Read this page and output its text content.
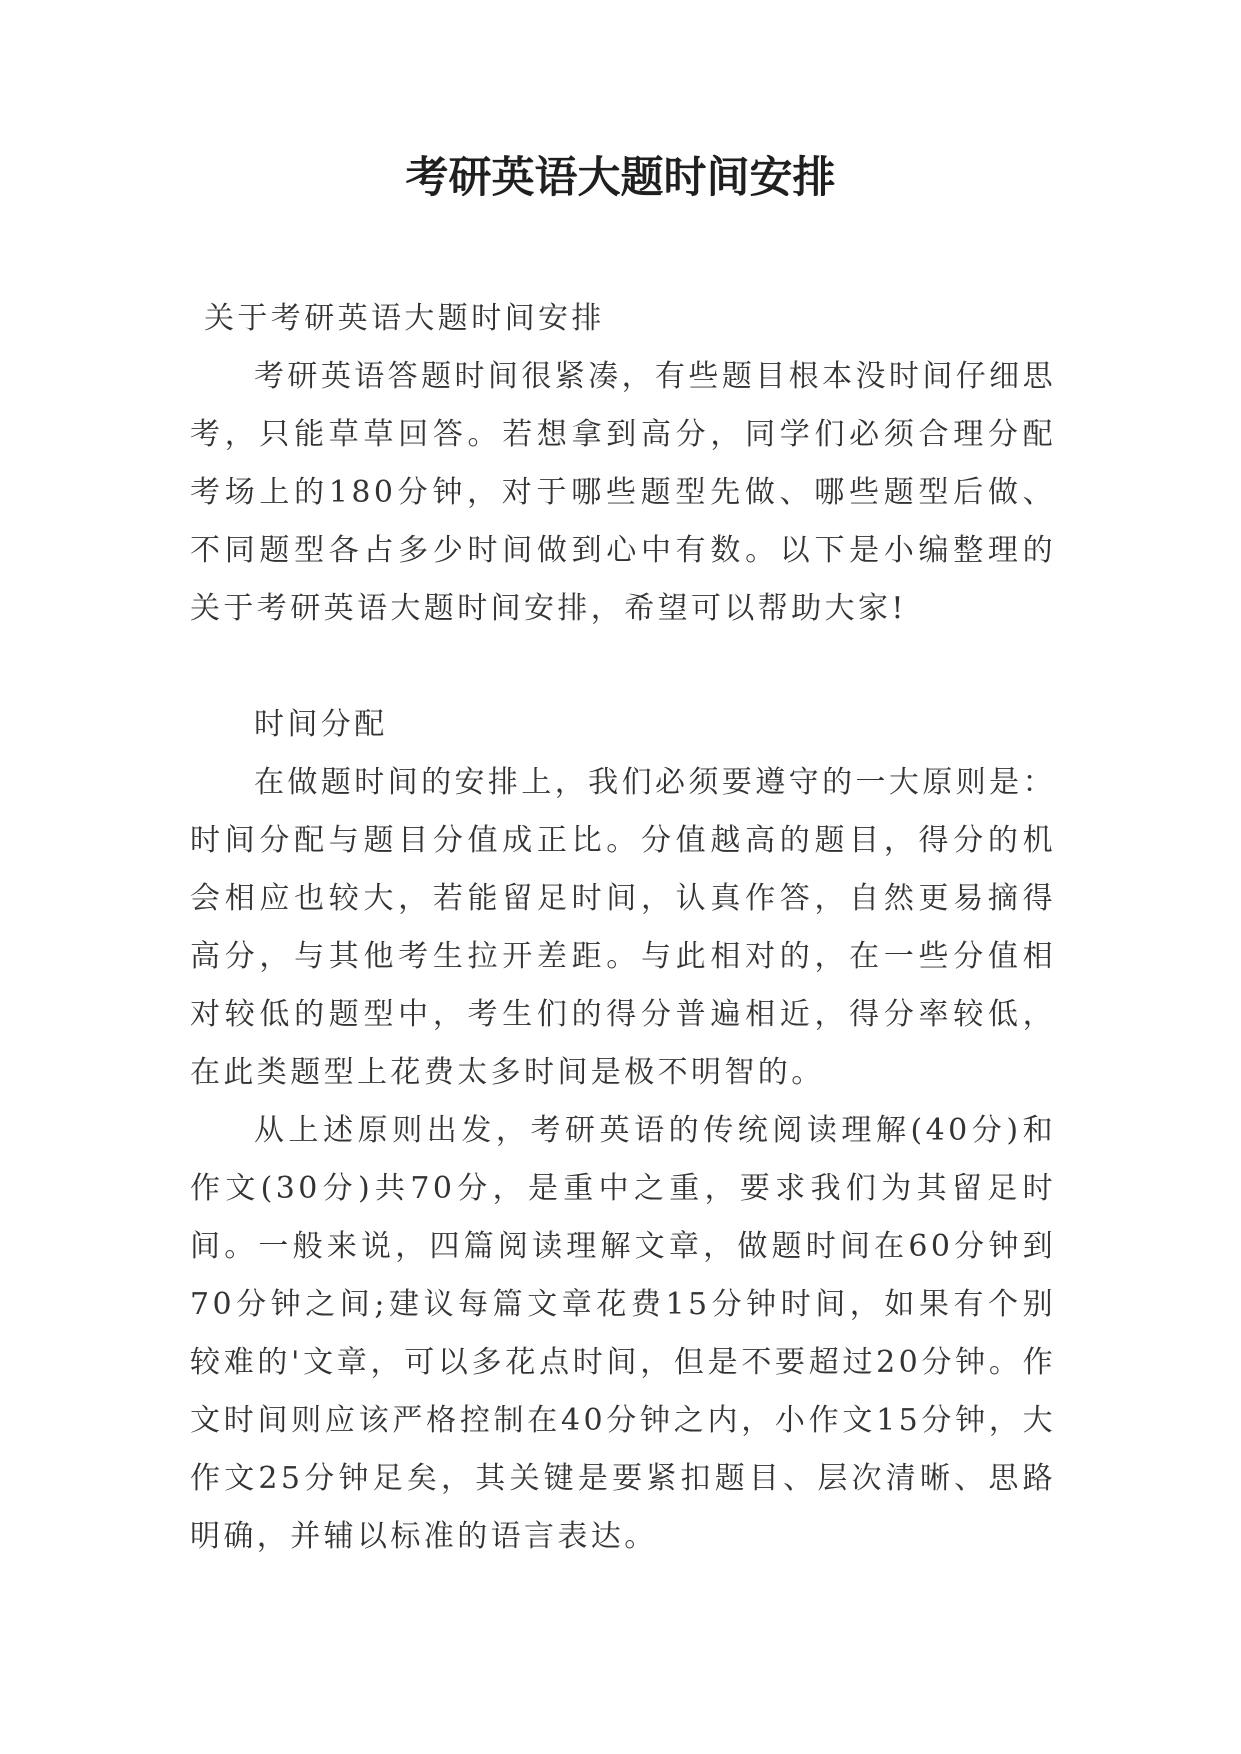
考研英语大题时间安排

关于考研英语大题时间安排

考研英语答题时间很紧凑，有些题目根本没时间仔细思考，只能草草回答。若想拿到高分，同学们必须合理分配考场上的180分钟，对于哪些题型先做、哪些题型后做、不同题型各占多少时间做到心中有数。以下是小编整理的关于考研英语大题时间安排，希望可以帮助大家!

时间分配

在做题时间的安排上，我们必须要遵守的一大原则是：时间分配与题目分值成正比。分值越高的题目，得分的机会相应也较大，若能留足时间，认真作答，自然更易摘得高分，与其他考生拉开差距。与此相对的，在一些分值相对较低的题型中，考生们的得分普遍相近，得分率较低，在此类题型上花费太多时间是极不明智的。

从上述原则出发，考研英语的传统阅读理解(40分)和作文(30分)共70分，是重中之重，要求我们为其留足时间。一般来说，四篇阅读理解文章，做题时间在60分钟到70分钟之间;建议每篇文章花费15分钟时间，如果有个别较难的'文章，可以多花点时间，但是不要超过20分钟。作文时间则应该严格控制在40分钟之内，小作文15分钟，大作文25分钟足矣，其关键是要紧扣题目、层次清晰、思路明确，并辅以标准的语言表达。
